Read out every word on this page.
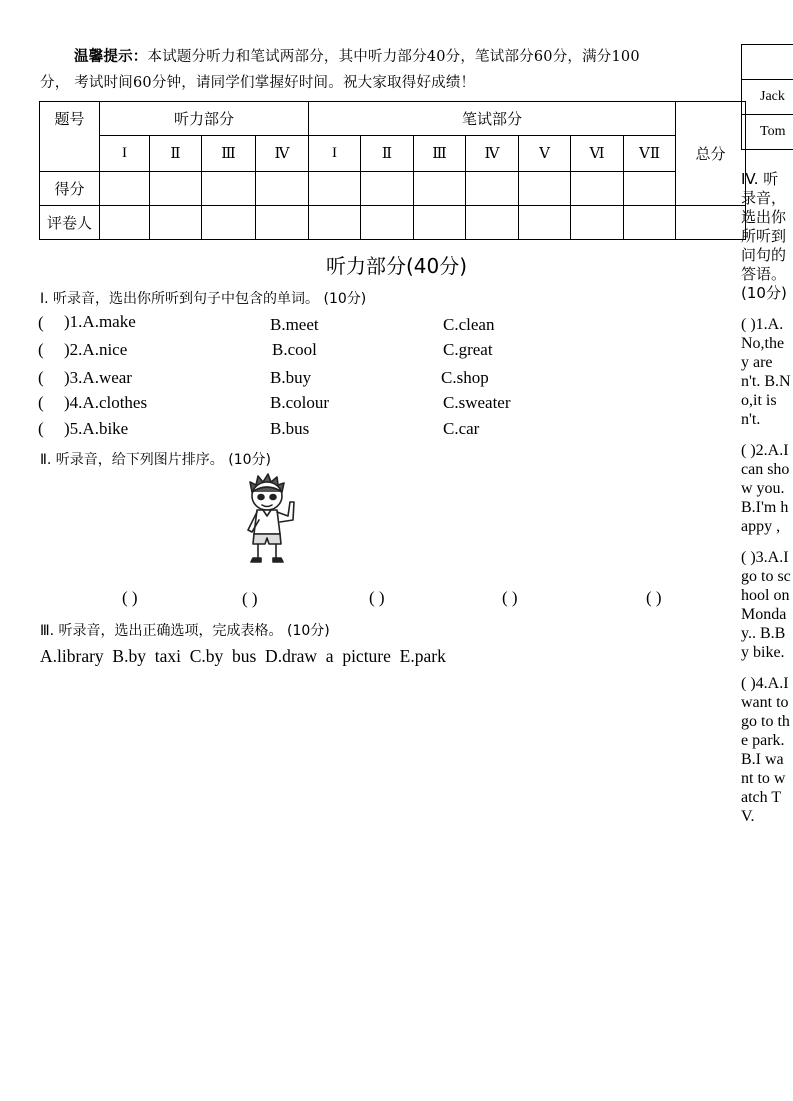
温馨提示：本试题分听力和笔试两部分，其中听力部分40分，笔试部分60分，满分100
分， 考试时间60分钟，请同学们掌握好时间。祝大家取得好成绩！
题号	听力部分				笔试部分							总分
	I	Ⅱ	Ⅲ	Ⅳ	I	Ⅱ	Ⅲ	Ⅳ	Ⅴ	Ⅵ	ⅤⅡ	
得分												
评卷人												

Jack
Tom
听力部分(40分)
I. 听录音，选出你所听到句子中包含的单词。 (10分)
( )1.A.make	B.meet	C.clean
( )2.A.nice	B.cool	C.great
( )3.A.wear	B.buy	C.shop
( )4.A.clothes	B.colour	C.sweater
( )5.A.bike	B.bus	C.car
Ⅱ. 听录音，给下列图片排序。 (10分)
( )	( )	( )	( )	( )
Ⅲ. 听录音，选出正确选项，完成表格。 (10分)
A.library  B.by  taxi  C.by  bus  D.draw  a  picture  E.park

IV. 听录音，选出你所听到问句的答语。 (10分)

( )1.A. No,they aren't. B.No,it isn't.

( )2.A.I can show you. B.I'm happy ,

( )3.A.I go to school on Monday.. B.By bike.

( )4.A.I want to go to the park. B.I want to watch TV.
